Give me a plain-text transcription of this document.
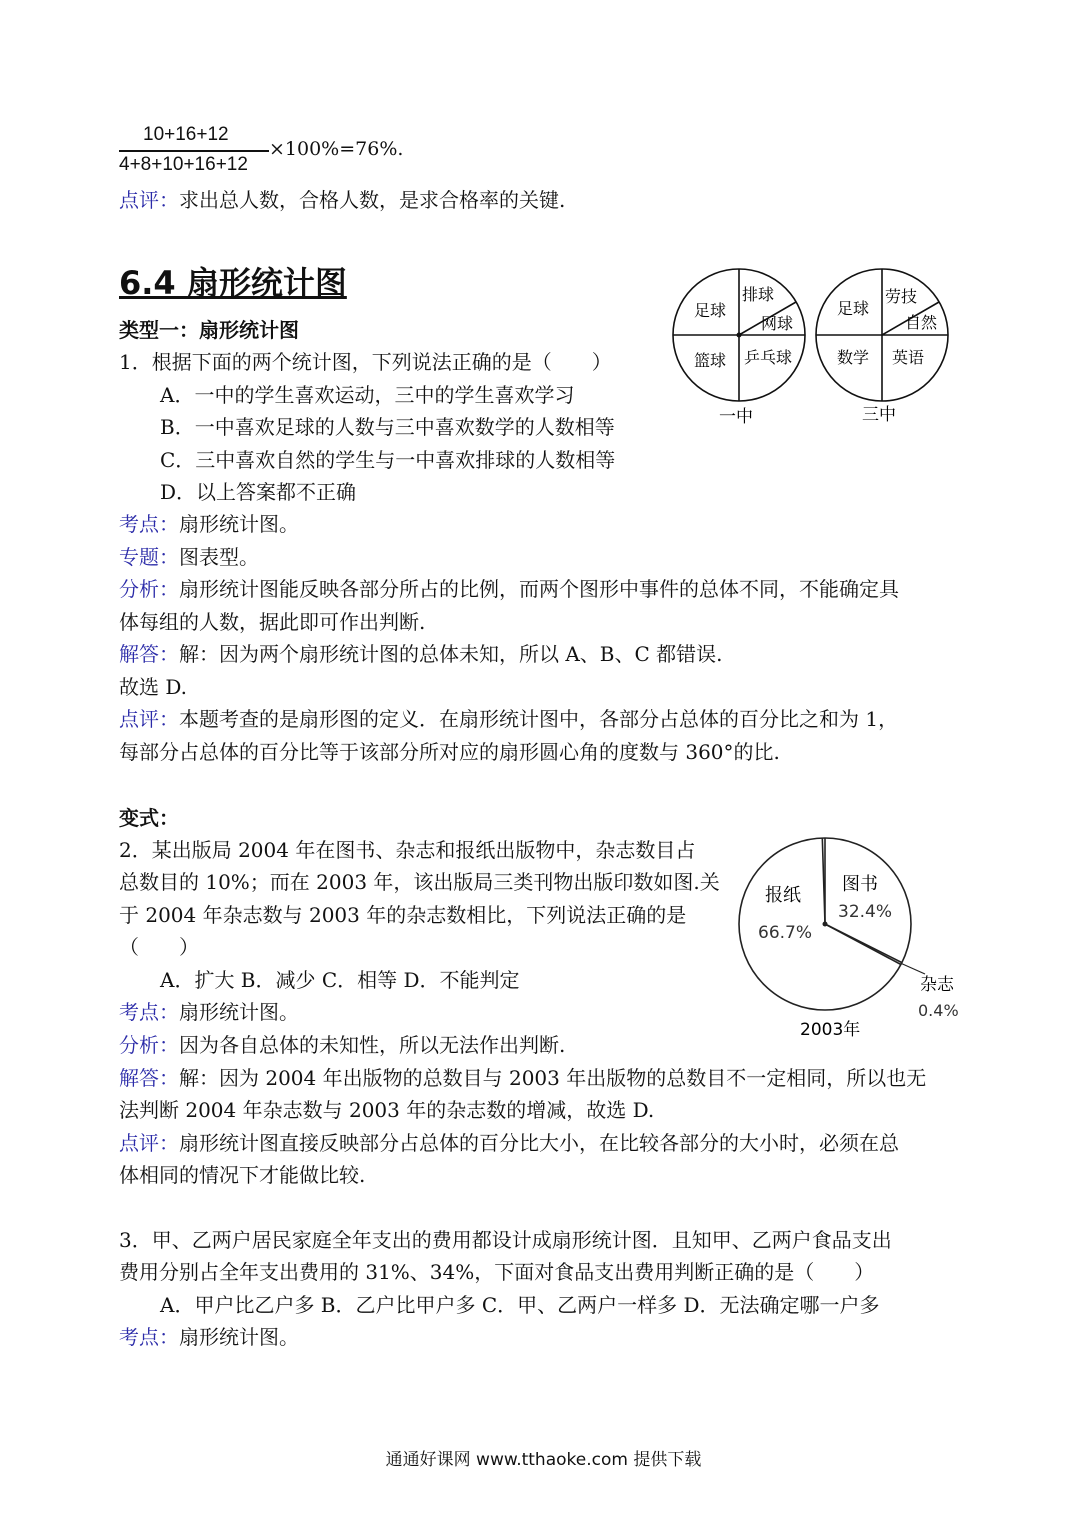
10+16+12
4+8+10+16+12
×100%=76%.
点评：求出总人数，合格人数，是求合格率的关键.
6.4 扇形统计图
类型一：扇形统计图
1．根据下面的两个统计图，下列说法正确的是（　　）
A．一中的学生喜欢运动，三中的学生喜欢学习
B．一中喜欢足球的人数与三中喜欢数学的人数相等
C．三中喜欢自然的学生与一中喜欢排球的人数相等
D．以上答案都不正确
考点：扇形统计图。
专题：图表型。
分析：扇形统计图能反映各部分所占的比例，而两个图形中事件的总体不同，不能确定具
体每组的人数，据此即可作出判断.
解答：解：因为两个扇形统计图的总体未知，所以 A、B、C 都错误.
故选 D.
点评：本题考查的是扇形图的定义．在扇形统计图中，各部分占总体的百分比之和为 1，
每部分占总体的百分比等于该部分所对应的扇形圆心角的度数与 360°的比.
足球
排球
网球
篮球 乒乓球
一中
足球
劳技
自然
数学 英语
三中
变式：
2．某出版局 2004 年在图书、杂志和报纸出版物中，杂志数目占
总数目的 10%；而在 2003 年，该出版局三类刊物出版印数如图.关
于 2004 年杂志数与 2003 年的杂志数相比，下列说法正确的是
（　　）
A．扩大 B．减少 C．相等 D．不能判定
考点：扇形统计图。
分析：因为各自总体的未知性，所以无法作出判断.
解答：解：因为 2004 年出版物的总数目与 2003 年出版物的总数目不一定相同，所以也无
法判断 2004 年杂志数与 2003 年的杂志数的增减，故选 D.
点评：扇形统计图直接反映部分占总体的百分比大小，在比较各部分的大小时，必须在总
体相同的情况下才能做比较.
报纸
66.7%
图书
32.4%
杂志
0.4%
2003年
3．甲、乙两户居民家庭全年支出的费用都设计成扇形统计图．且知甲、乙两户食品支出
费用分别占全年支出费用的 31%、34%，下面对食品支出费用判断正确的是（　　）
A．甲户比乙户多 B．乙户比甲户多 C．甲、乙两户一样多 D．无法确定哪一户多
考点：扇形统计图。
通通好课网 www.tthaoke.com 提供下载
